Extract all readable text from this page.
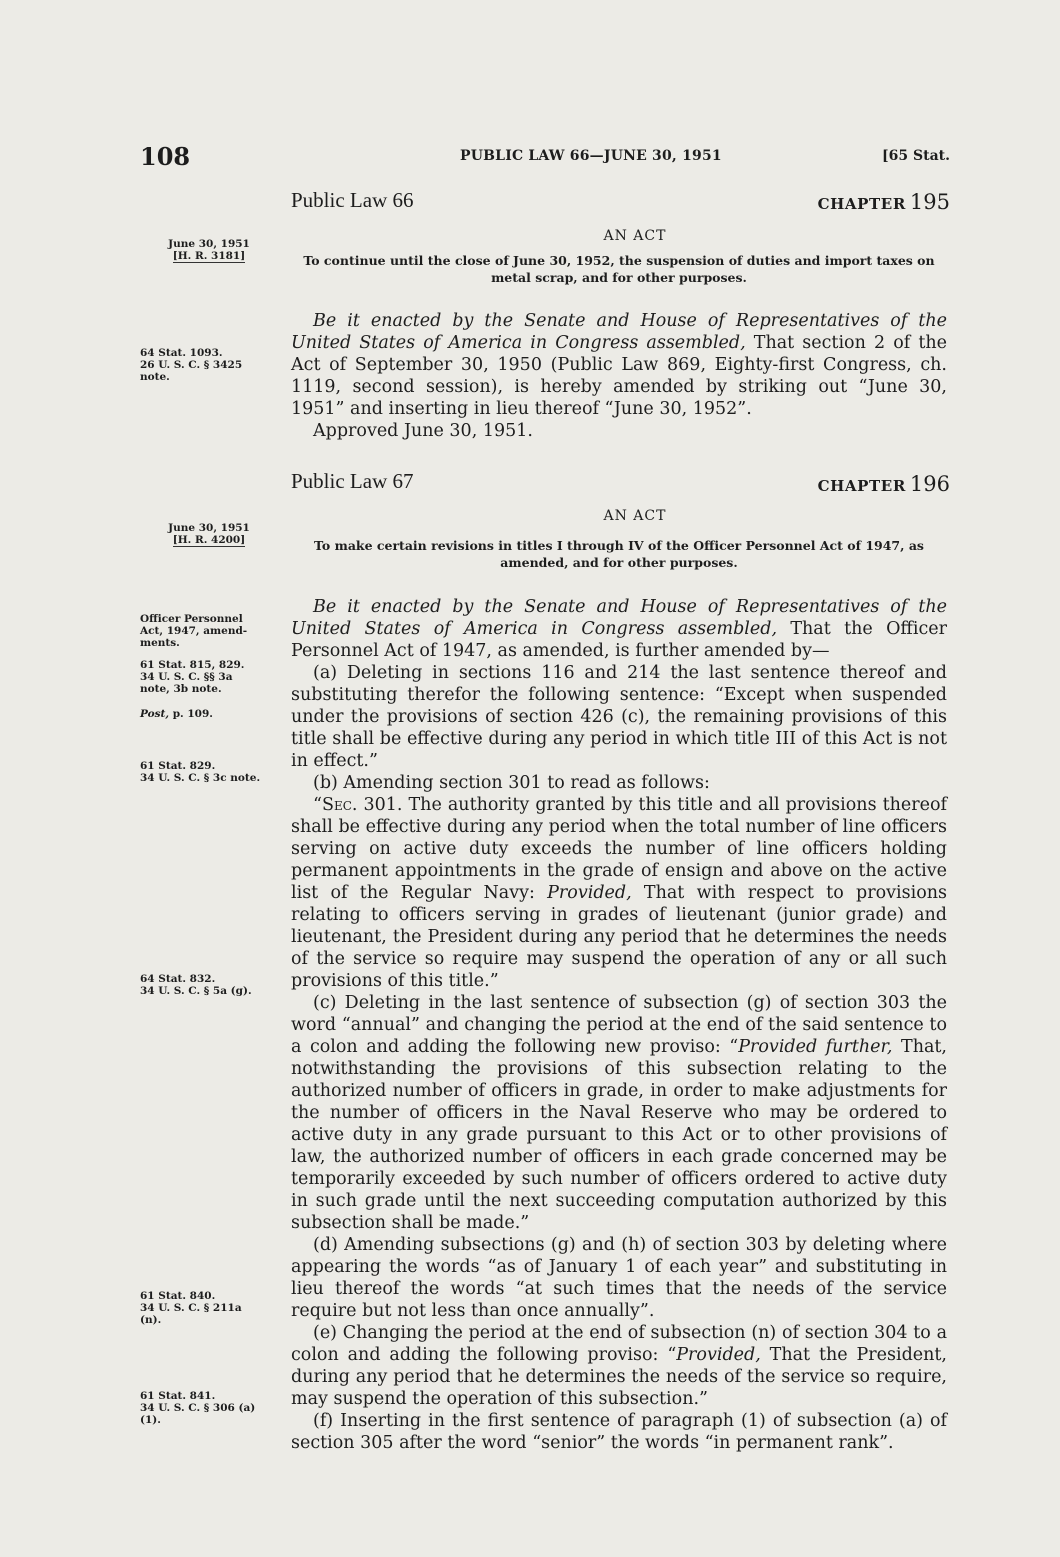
108	PUBLIC LAW 66—JUNE 30, 1951	[65 Stat.
Public Law 66	CHAPTER 195
AN ACT
June 30, 1951
[H. R. 3181]	To continue until the close of June 30, 1952, the suspension of duties and import taxes on metal scrap, and for other purposes.
64 Stat. 1093.
26 U. S. C. § 3425
note.

Be it enacted by the Senate and House of Representatives of the United States of America in Congress assembled, That section 2 of the Act of September 30, 1950 (Public Law 869, Eighty-first Congress, ch. 1119, second session), is hereby amended by striking out “June 30, 1951” and inserting in lieu thereof “June 30, 1952”.

Approved June 30, 1951.

Public Law 67	CHAPTER 196
AN ACT
June 30, 1951
[H. R. 4200]	To make certain revisions in titles I through IV of the Officer Personnel Act of 1947, as amended, and for other purposes.
Officer Personnel
Act, 1947, amend-
ments.
61 Stat. 815, 829.
34 U. S. C. §§ 3a
note, 3b note.
Post, p. 109.
61 Stat. 829.
34 U. S. C. § 3c note.
64 Stat. 832.
34 U. S. C. § 5a (g).
61 Stat. 840.
34 U. S. C. § 211a
(n).
61 Stat. 841.
34 U. S. C. § 306 (a)
(1).

Be it enacted by the Senate and House of Representatives of the United States of America in Congress assembled, That the Officer Personnel Act of 1947, as amended, is further amended by—

(a) Deleting in sections 116 and 214 the last sentence thereof and substituting therefor the following sentence: “Except when suspended under the provisions of section 426 (c), the remaining provisions of this title shall be effective during any period in which title III of this Act is not in effect.”

(b) Amending section 301 to read as follows:

“Sec. 301. The authority granted by this title and all provisions thereof shall be effective during any period when the total number of line officers serving on active duty exceeds the number of line officers holding permanent appointments in the grade of ensign and above on the active list of the Regular Navy: Provided, That with respect to provisions relating to officers serving in grades of lieutenant (junior grade) and lieutenant, the President during any period that he determines the needs of the service so require may suspend the operation of any or all such provisions of this title.”

(c) Deleting in the last sentence of subsection (g) of section 303 the word “annual” and changing the period at the end of the said sentence to a colon and adding the following new proviso: “Provided further, That, notwithstanding the provisions of this subsection relating to the authorized number of officers in grade, in order to make adjustments for the number of officers in the Naval Reserve who may be ordered to active duty in any grade pursuant to this Act or to other provisions of law, the authorized number of officers in each grade concerned may be temporarily exceeded by such number of officers ordered to active duty in such grade until the next succeeding computation authorized by this subsection shall be made.”

(d) Amending subsections (g) and (h) of section 303 by deleting where appearing the words “as of January 1 of each year” and substituting in lieu thereof the words “at such times that the needs of the service require but not less than once annually”.

(e) Changing the period at the end of subsection (n) of section 304 to a colon and adding the following proviso: “Provided, That the President, during any period that he determines the needs of the service so require, may suspend the operation of this subsection.”

(f) Inserting in the first sentence of paragraph (1) of subsection (a) of section 305 after the word “senior” the words “in permanent rank”.
